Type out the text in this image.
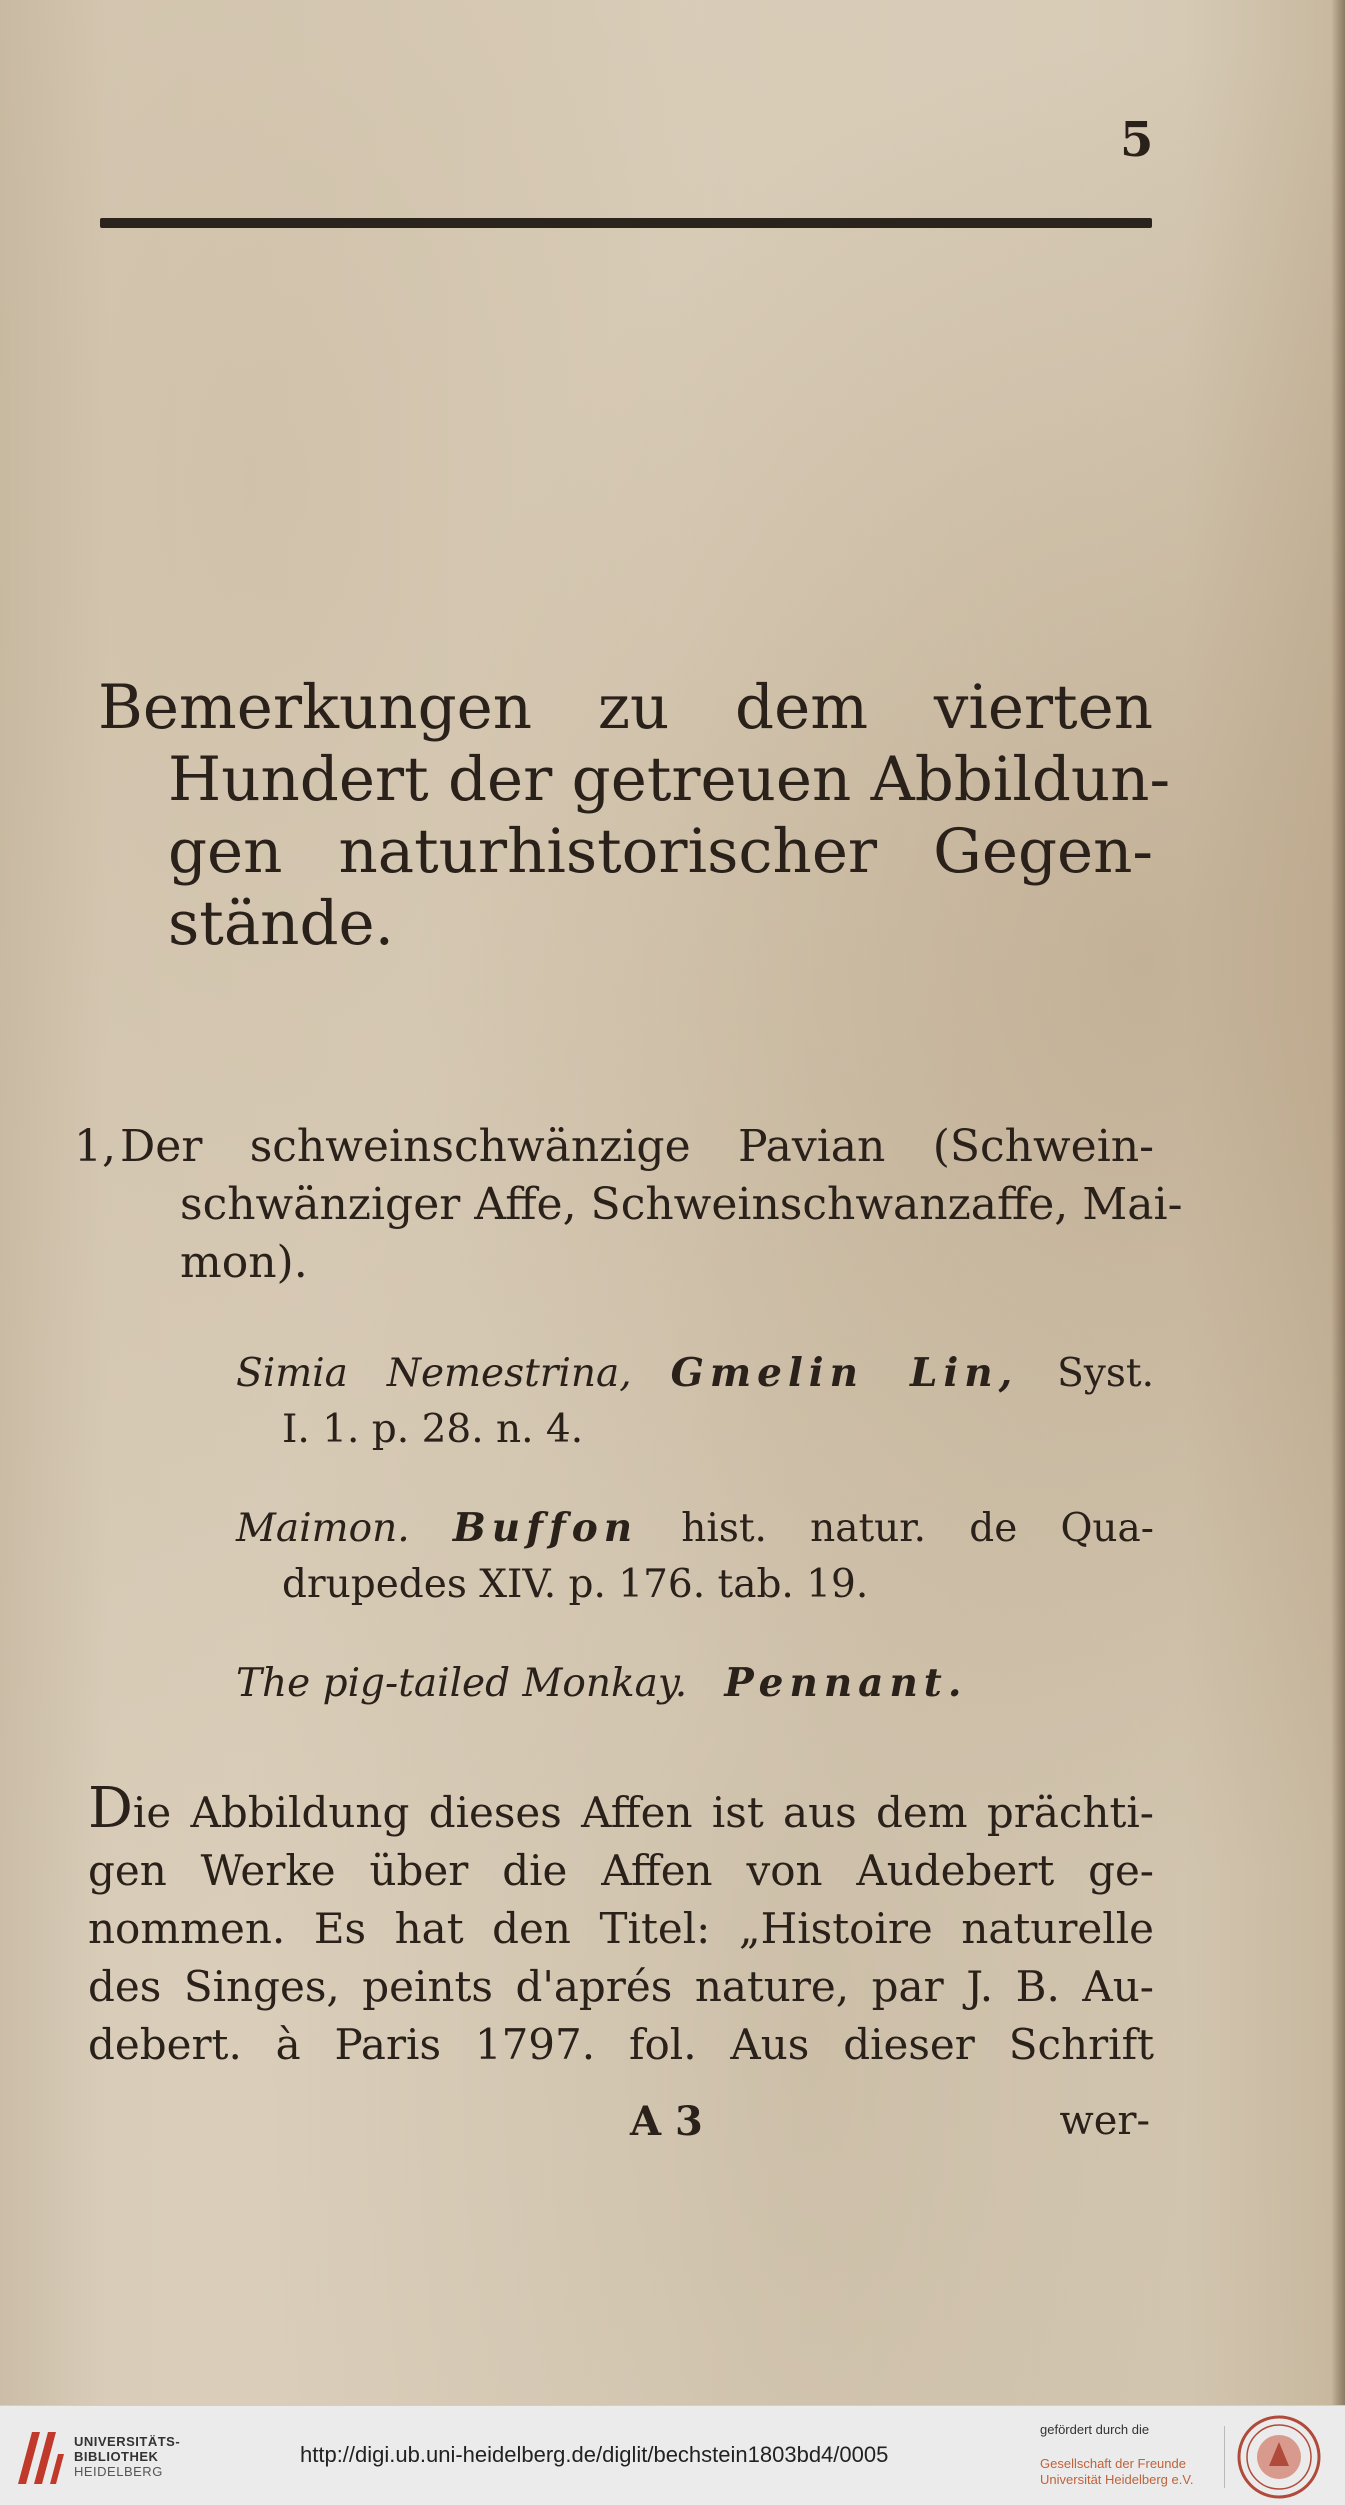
5
Bemerkungen zu dem vierten
Hundert der getreuen Abbildun-
gen naturhistorischer Gegen-
stände.
1,Der schweinschwänzige Pavian (Schwein-
schwänziger Affe, Schweinschwanzaffe, Mai-
mon).
Simia Nemestrina, Gmelin Lin, Syst.
I. 1. p. 28. n. 4.
Maimon. Buffon hist. natur. de Qua-
drupedes XIV. p. 176. tab. 19.
The pig-tailed Monkay. Pennant.
Die Abbildung dieses Affen ist aus dem prächti-
gen Werke über die Affen von Audebert ge-
nommen. Es hat den Titel: „Histoire naturelle
des Singes, peints d'aprés nature, par J. B. Au-
debert. à Paris 1797. fol. Aus dieser Schrift
A 3	wer-
UNIVERSITÄTS-
BIBLIOTHEK
HEIDELBERG
http://digi.ub.uni-heidelberg.de/diglit/bechstein1803bd4/0005
gefördert durch die
Gesellschaft der Freunde
Universität Heidelberg e.V.
